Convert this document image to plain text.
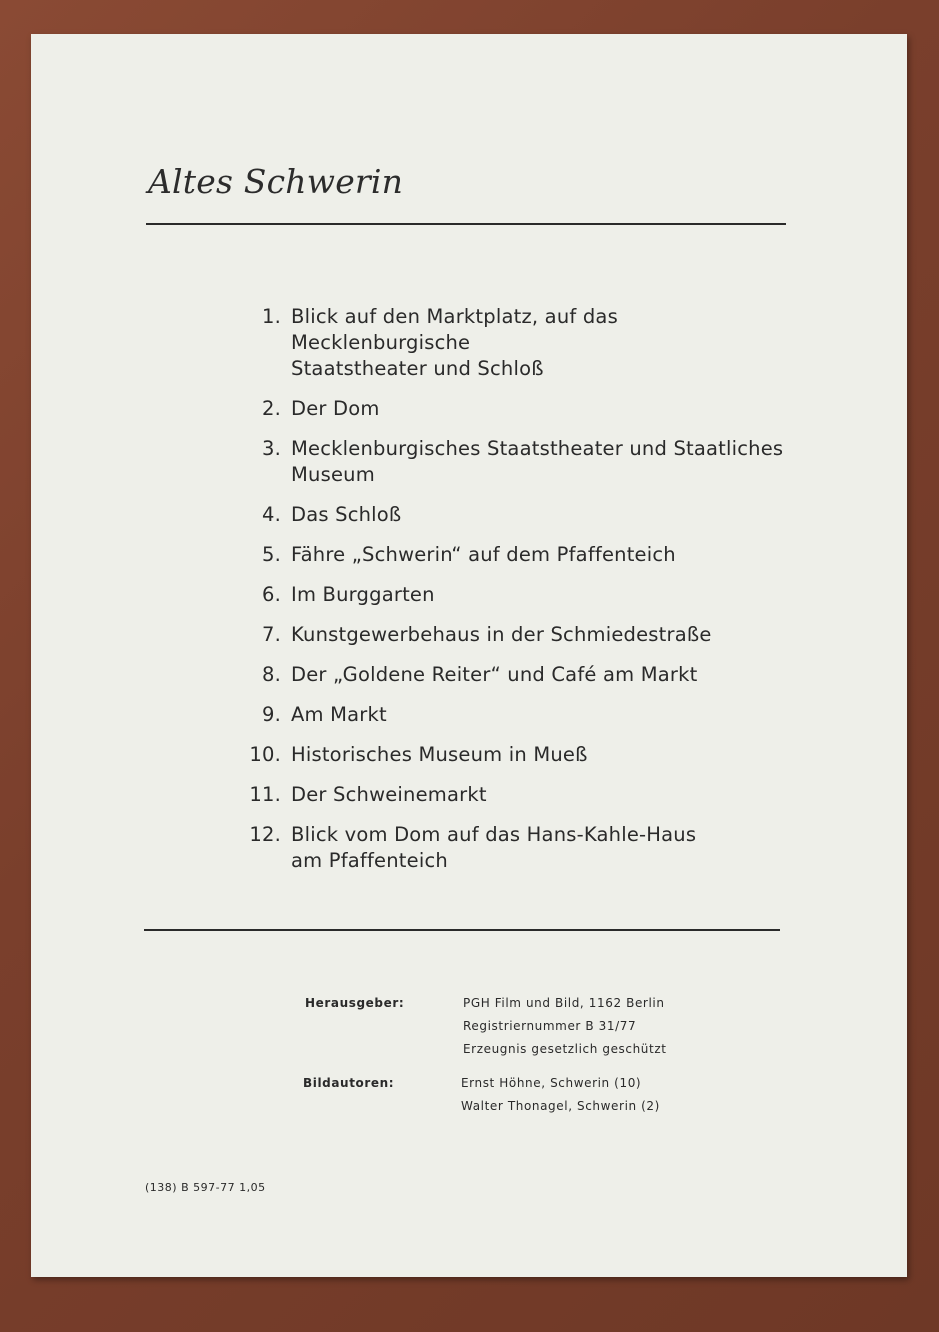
Altes Schwerin
1. Blick auf den Marktplatz, auf das Mecklenburgische
Staatstheater und Schloß
2. Der Dom
3. Mecklenburgisches Staatstheater und Staatliches
Museum
4. Das Schloß
5. Fähre „Schwerin“ auf dem Pfaffenteich
6. Im Burggarten
7. Kunstgewerbehaus in der Schmiedestraße
8. Der „Goldene Reiter“ und Café am Markt
9. Am Markt
10. Historisches Museum in Mueß
11. Der Schweinemarkt
12. Blick vom Dom auf das Hans-Kahle-Haus
am Pfaffenteich
Herausgeber:	PGH Film und Bild, 1162 Berlin
Registriernummer B 31/77
Erzeugnis gesetzlich geschützt
Bildautoren:	Ernst Höhne, Schwerin (10)
Walter Thonagel, Schwerin (2)
(138) B 597-77 1,05
